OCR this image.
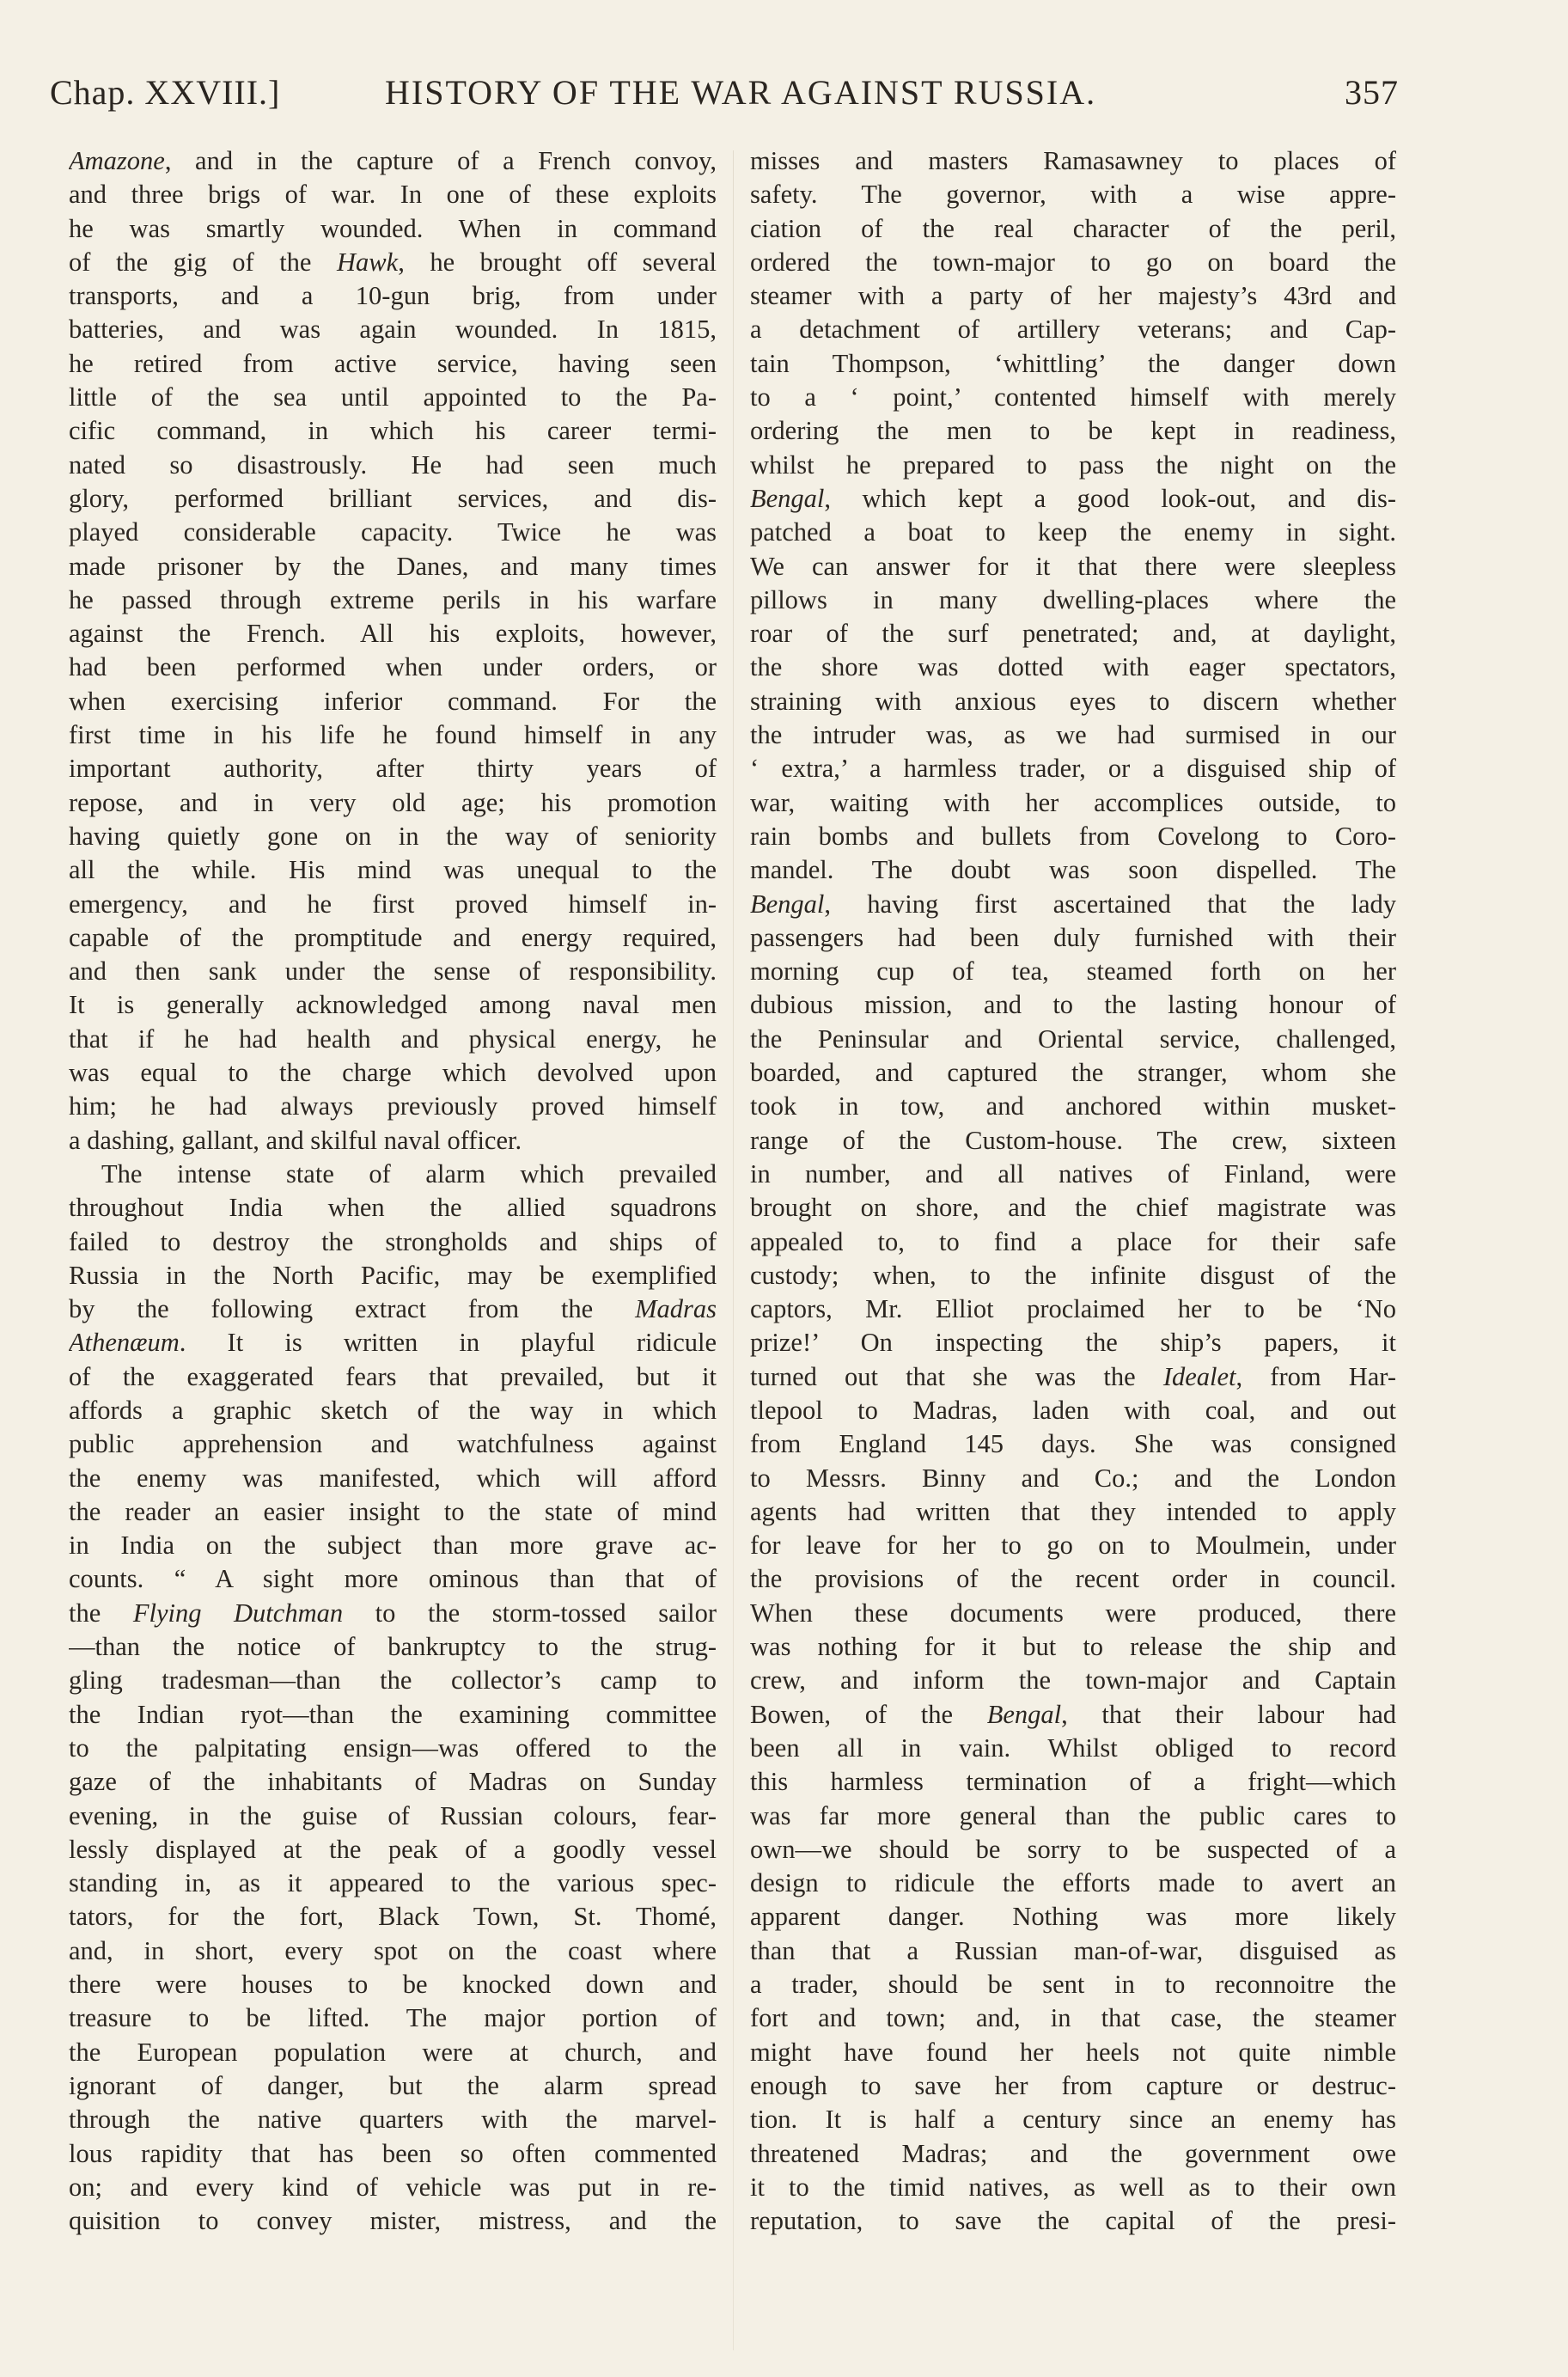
Chap. XXVIII.]	HISTORY OF THE WAR AGAINST RUSSIA.	357
Amazone, and in the capture of a French convoy,
and three brigs of war. In one of these exploits
he was smartly wounded. When in command
of the gig of the Hawk, he brought off several
transports, and a 10-gun brig, from under
batteries, and was again wounded. In 1815,
he retired from active service, having seen
little of the sea until appointed to the Pa-
cific command, in which his career termi-
nated so disastrously. He had seen much
glory, performed brilliant services, and dis-
played considerable capacity. Twice he was
made prisoner by the Danes, and many times
he passed through extreme perils in his warfare
against the French. All his exploits, however,
had been performed when under orders, or
when exercising inferior command. For the
first time in his life he found himself in any
important authority, after thirty years of
repose, and in very old age; his promotion
having quietly gone on in the way of seniority
all the while. His mind was unequal to the
emergency, and he first proved himself in-
capable of the promptitude and energy required,
and then sank under the sense of responsibility.
It is generally acknowledged among naval men
that if he had health and physical energy, he
was equal to the charge which devolved upon
him; he had always previously proved himself
a dashing, gallant, and skilful naval officer.
The intense state of alarm which prevailed
throughout India when the allied squadrons
failed to destroy the strongholds and ships of
Russia in the North Pacific, may be exemplified
by the following extract from the Madras
Athenæum. It is written in playful ridicule
of the exaggerated fears that prevailed, but it
affords a graphic sketch of the way in which
public apprehension and watchfulness against
the enemy was manifested, which will afford
the reader an easier insight to the state of mind
in India on the subject than more grave ac-
counts. “ A sight more ominous than that of
the Flying Dutchman to the storm-tossed sailor
—than the notice of bankruptcy to the strug-
gling tradesman—than the collector’s camp to
the Indian ryot—than the examining committee
to the palpitating ensign—was offered to the
gaze of the inhabitants of Madras on Sunday
evening, in the guise of Russian colours, fear-
lessly displayed at the peak of a goodly vessel
standing in, as it appeared to the various spec-
tators, for the fort, Black Town, St. Thomé,
and, in short, every spot on the coast where
there were houses to be knocked down and
treasure to be lifted. The major portion of
the European population were at church, and
ignorant of danger, but the alarm spread
through the native quarters with the marvel-
lous rapidity that has been so often commented
on; and every kind of vehicle was put in re-
quisition to convey mister, mistress, and the
misses and masters Ramasawney to places of
safety. The governor, with a wise appre-
ciation of the real character of the peril,
ordered the town-major to go on board the
steamer with a party of her majesty’s 43rd and
a detachment of artillery veterans; and Cap-
tain Thompson, ‘whittling’ the danger down
to a ‘ point,’ contented himself with merely
ordering the men to be kept in readiness,
whilst he prepared to pass the night on the
Bengal, which kept a good look-out, and dis-
patched a boat to keep the enemy in sight.
We can answer for it that there were sleepless
pillows in many dwelling-places where the
roar of the surf penetrated; and, at daylight,
the shore was dotted with eager spectators,
straining with anxious eyes to discern whether
the intruder was, as we had surmised in our
‘ extra,’ a harmless trader, or a disguised ship of
war, waiting with her accomplices outside, to
rain bombs and bullets from Covelong to Coro-
mandel. The doubt was soon dispelled. The
Bengal, having first ascertained that the lady
passengers had been duly furnished with their
morning cup of tea, steamed forth on her
dubious mission, and to the lasting honour of
the Peninsular and Oriental service, challenged,
boarded, and captured the stranger, whom she
took in tow, and anchored within musket-
range of the Custom-house. The crew, sixteen
in number, and all natives of Finland, were
brought on shore, and the chief magistrate was
appealed to, to find a place for their safe
custody; when, to the infinite disgust of the
captors, Mr. Elliot proclaimed her to be ‘No
prize!’ On inspecting the ship’s papers, it
turned out that she was the Idealet, from Har-
tlepool to Madras, laden with coal, and out
from England 145 days. She was consigned
to Messrs. Binny and Co.; and the London
agents had written that they intended to apply
for leave for her to go on to Moulmein, under
the provisions of the recent order in council.
When these documents were produced, there
was nothing for it but to release the ship and
crew, and inform the town-major and Captain
Bowen, of the Bengal, that their labour had
been all in vain. Whilst obliged to record
this harmless termination of a fright—which
was far more general than the public cares to
own—we should be sorry to be suspected of a
design to ridicule the efforts made to avert an
apparent danger. Nothing was more likely
than that a Russian man-of-war, disguised as
a trader, should be sent in to reconnoitre the
fort and town; and, in that case, the steamer
might have found her heels not quite nimble
enough to save her from capture or destruc-
tion. It is half a century since an enemy has
threatened Madras; and the government owe
it to the timid natives, as well as to their own
reputation, to save the capital of the presi-
